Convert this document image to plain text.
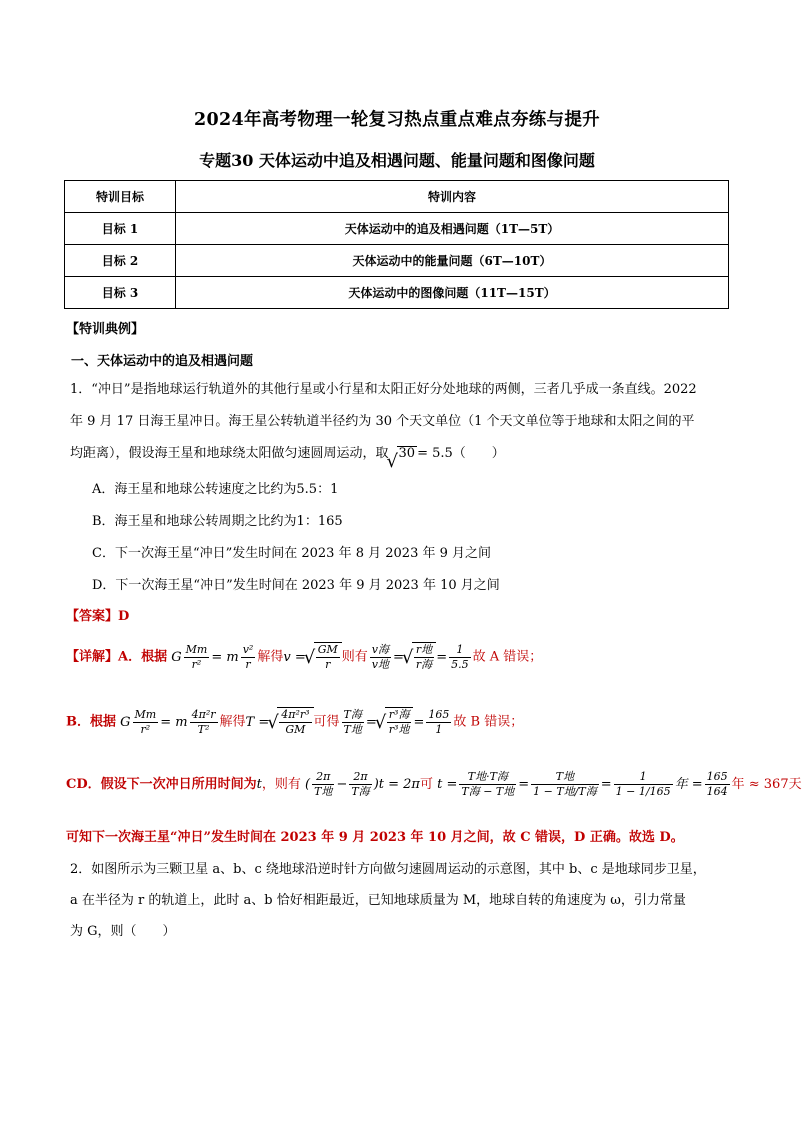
2024年高考物理一轮复习热点重点难点夯练与提升
专题30 天体运动中追及相遇问题、能量问题和图像问题
特训目标	特训内容
目标 1	天体运动中的追及相遇问题（1T—5T）
目标 2	天体运动中的能量问题（6T—10T）
目标 3	天体运动中的图像问题（11T—15T）
【特训典例】
一、天体运动中的追及相遇问题
1．“冲日”是指地球运行轨道外的其他行星或小行星和太阳正好分处地球的两侧，三者几乎成一条直线。2022
年 9 月 17 日海王星冲日。海王星公转轨道半径约为 30 个天文单位（1 个天文单位等于地球和太阳之间的平
均距离），假设海王星和地球绕太阳做匀速圆周运动，取 √ 30 = 5.5（　　）
A．海王星和地球公转速度之比约为5.5：1
B．海王星和地球公转周期之比约为1：165
C．下一次海王星“冲日”发生时间在 2023 年 8 月 2023 年 9 月之间
D．下一次海王星“冲日”发生时间在 2023 年 9 月 2023 年 10 月之间
【答案】D
【详解】A．根据 G $\frac{Mm}{\text{r²}} = m \frac{\text{v²}}{r}$ 解得v = √ $\frac{GM}{r}$ 则有
v海
v地 = √ r地
r海 = $\frac{1}{5.5}$ 故 A 错误；
B．根据 G $\frac{Mm}{\text{r²}} = m \frac{\text{4π²r}}{\text{T²}}$ 解得T = √ $\frac{\text{4π²r³}}{GM}$ 可得
T海
T地 = √ r³海
r³地 = $\frac{165}{1}$ 故 B 错误；
CD．假设下一次冲日所用时间为t，则有 (
2π
T地 −
2π
T海 )t = 2π可 t =
T地·T海
T海 − T地 =
T地
1 − T地/T海 = $\frac{1}{1 - 1/165}$ 年 = $\frac{165}{164}$ 年 ≈ 367天
可知下一次海王星“冲日”发生时间在 2023 年 9 月 2023 年 10 月之间，故 C 错误，D 正确。故选 D。
2．如图所示为三颗卫星 a、b、c 绕地球沿逆时针方向做匀速圆周运动的示意图，其中 b、c 是地球同步卫星，
a 在半径为 r 的轨道上，此时 a、b 恰好相距最近，已知地球质量为 M，地球自转的角速度为 ω，引力常量
为 G，则（　　）
